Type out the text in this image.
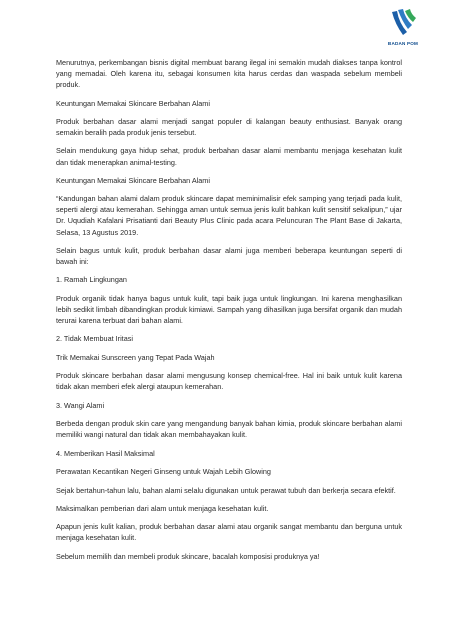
BADAN POM

Menurutnya, perkembangan bisnis digital membuat barang ilegal ini semakin mudah diakses tanpa kontrol yang memadai. Oleh karena itu, sebagai konsumen kita harus cerdas dan waspada sebelum membeli produk.

Keuntungan Memakai Skincare Berbahan Alami

Produk berbahan dasar alami menjadi sangat populer di kalangan beauty enthusiast. Banyak orang semakin beralih pada produk jenis tersebut.

Selain mendukung gaya hidup sehat, produk berbahan dasar alami membantu menjaga kesehatan kulit dan tidak menerapkan animal-testing.

Keuntungan Memakai Skincare Berbahan Alami

“Kandungan bahan alami dalam produk skincare dapat meminimalisir efek samping yang terjadi pada kulit, seperti alergi atau kemerahan. Sehingga aman untuk semua jenis kulit bahkan kulit sensitif sekalipun,” ujar Dr. Uqudiah Kafalani Prisatianti dari Beauty Plus Clinic pada acara Peluncuran The Plant Base di Jakarta, Selasa, 13 Agustus 2019.

Selain bagus untuk kulit, produk berbahan dasar alami juga memberi beberapa keuntungan seperti di bawah ini:

1. Ramah Lingkungan

Produk organik tidak hanya bagus untuk kulit, tapi baik juga untuk lingkungan. Ini karena menghasilkan lebih sedikit limbah dibandingkan produk kimiawi. Sampah yang dihasilkan juga bersifat organik dan mudah terurai karena terbuat dari bahan alami.

2. Tidak Membuat Iritasi

Trik Memakai Sunscreen yang Tepat Pada Wajah

Produk skincare berbahan dasar alami mengusung konsep chemical-free. Hal ini baik untuk kulit karena tidak akan memberi efek alergi ataupun kemerahan.

3. Wangi Alami

Berbeda dengan produk skin care yang mengandung banyak bahan kimia, produk skincare berbahan alami memiliki wangi natural dan tidak akan membahayakan kulit.

4. Memberikan Hasil Maksimal

Perawatan Kecantikan Negeri Ginseng untuk Wajah Lebih Glowing

Sejak bertahun-tahun lalu, bahan alami selalu digunakan untuk perawat tubuh dan berkerja secara efektif.

Maksimalkan pemberian dari alam untuk menjaga kesehatan kulit.

Apapun jenis kulit kalian, produk berbahan dasar alami atau organik sangat membantu dan berguna untuk menjaga kesehatan kulit.

Sebelum memilih dan membeli produk skincare, bacalah komposisi produknya ya!
